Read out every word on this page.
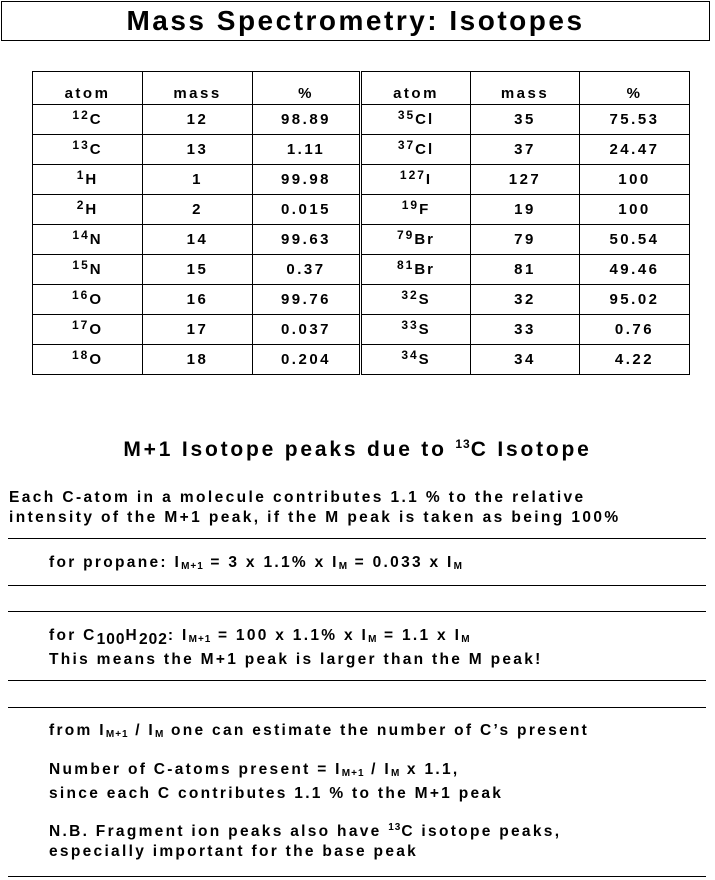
Mass Spectrometry: Isotopes
atom	mass	%	atom	mass	%
$^{12}$C	12	98.89	$^{35}$Cl	35	75.53
$^{13}$C	13	1.11	$^{37}$Cl	37	24.47
$^1$H	1	99.98	$^{127}$I	127	100
$^2$H	2	0.015	$^{19}$F	19	100
$^{14}$N	14	99.63	$^{79}$Br	79	50.54
$^{15}$N	15	0.37	$^{81}$Br	81	49.46
$^{16}$O	16	99.76	$^{32}$S	32	95.02
$^{17}$O	17	0.037	$^{33}$S	33	0.76
$^{18}$O	18	0.204	$^{34}$S	34	4.22
M+1 Isotope peaks due to $^{13}$C Isotope
Each C-atom in a molecule contributes 1.1 % to the relative
intensity of the M+1 peak, if the M peak is taken as being 100%
for propane: $I_{M+1} = 3$ x 1.1% x $I_M = 0.033$ x $I_M$
for C100H202: $I_{M+1} = 100$ x 1.1% x $I_M = 1.1$ x $I_M$
This means the M+1 peak is larger than the M peak!
from $I_{M+1} / I_M$ one can estimate the number of C’s present
Number of C-atoms present = $I_{M+1} / I_M$ x 1.1,
since each C contributes 1.1 % to the M+1 peak
N.B. Fragment ion peaks also have $^{13}$C isotope peaks,
especially important for the base peak
